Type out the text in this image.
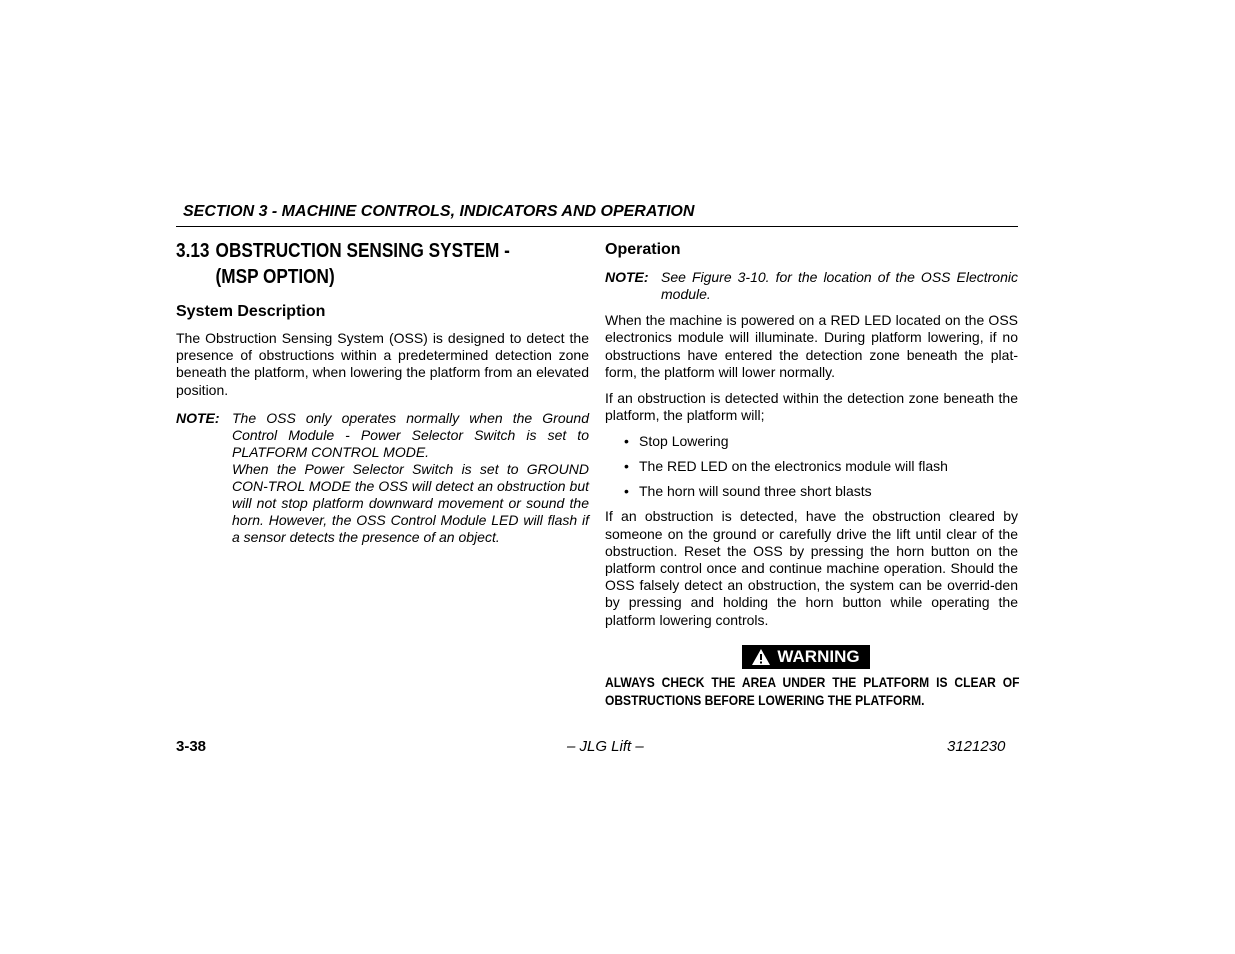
SECTION 3 - MACHINE CONTROLS, INDICATORS AND OPERATION
3.13 OBSTRUCTION SENSING SYSTEM -
(MSP OPTION)
System Description

The Obstruction Sensing System (OSS) is designed to detect the presence of obstructions within a predetermined detection zone beneath the platform, when lowering the platform from an elevated position.

NOTE: The OSS only operates normally when the Ground Control Module - Power Selector Switch is set to PLATFORM CONTROL MODE.

When the Power Selector Switch is set to GROUND CON-TROL MODE the OSS will detect an obstruction but will not stop platform downward movement or sound the horn. However, the OSS Control Module LED will flash if a sensor detects the presence of an object.

Operation
NOTE: See Figure 3-10. for the location of the OSS Electronic module.

When the machine is powered on a RED LED located on the OSS electronics module will illuminate. During platform lowering, if no obstructions have entered the detection zone beneath the plat-form, the platform will lower normally.

If an obstruction is detected within the detection zone beneath the platform, the platform will;

• Stop Lowering
• The RED LED on the electronics module will flash
• The horn will sound three short blasts

If an obstruction is detected, have the obstruction cleared by someone on the ground or carefully drive the lift until clear of the obstruction. Reset the OSS by pressing the horn button on the platform control once and continue machine operation. Should the OSS falsely detect an obstruction, the system can be overrid-den by pressing and holding the horn button while operating the platform lowering controls.

WARNING

ALWAYS CHECK THE AREA UNDER THE PLATFORM IS CLEAR OF OBSTRUCTIONS BEFORE LOWERING THE PLATFORM.

3-38	– JLG Lift –	3121230
